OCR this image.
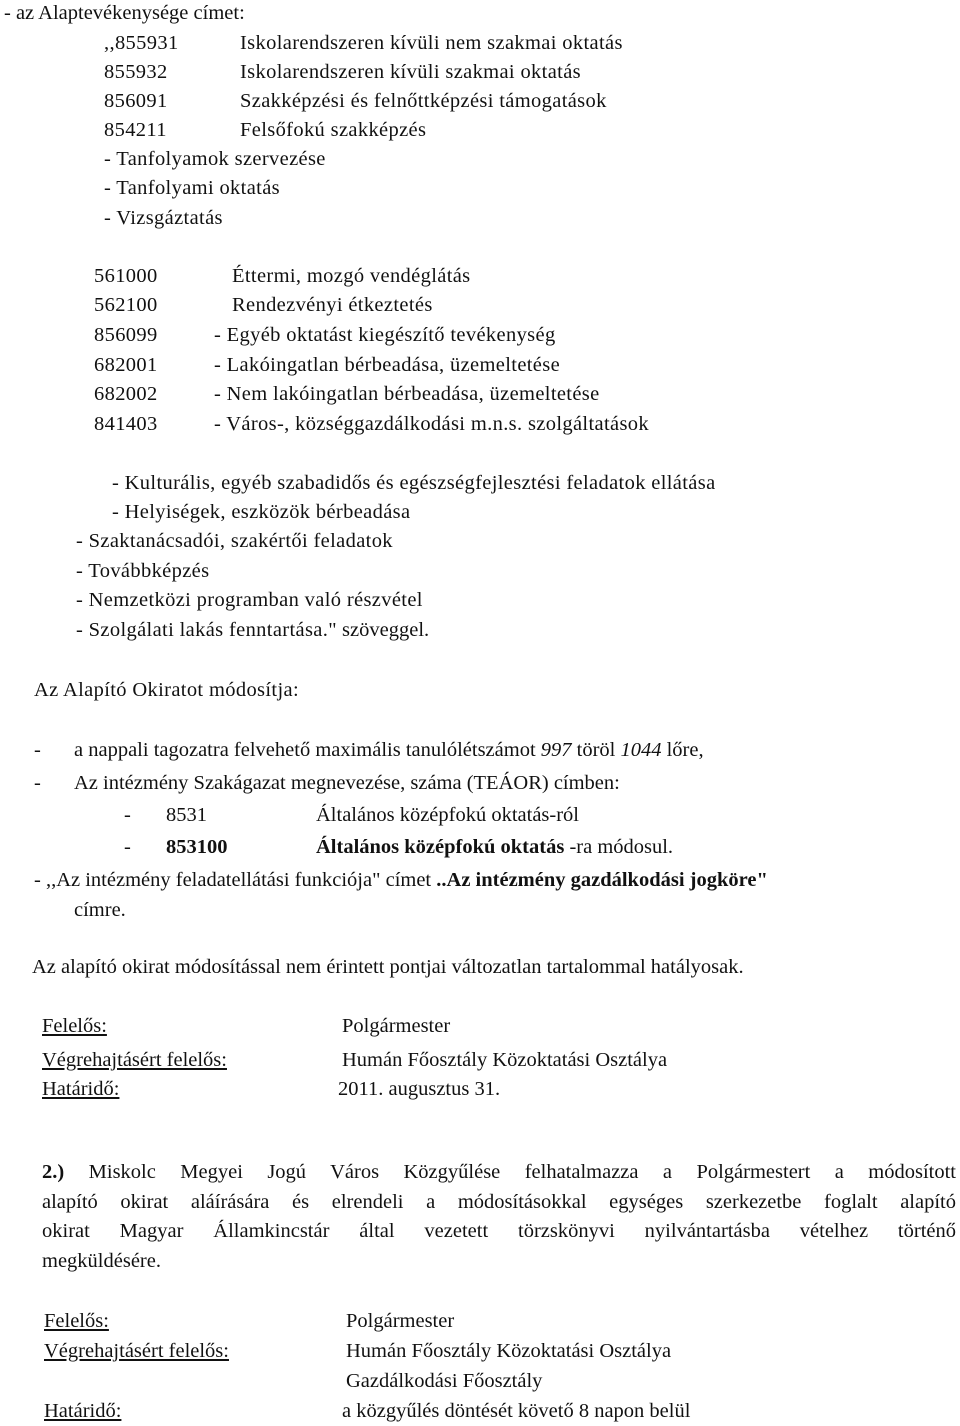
- az Alaptevékenysége címet:
,,855931	Iskolarendszeren kívüli nem szakmai oktatás
855932	Iskolarendszeren kívüli szakmai oktatás
856091	Szakképzési és felnőttképzési támogatások
854211	Felsőfokú szakképzés
- Tanfolyamok szervezése
- Tanfolyami oktatás
- Vizsgáztatás
561000	Éttermi, mozgó vendéglátás
562100	Rendezvényi étkeztetés
856099	- Egyéb oktatást kiegészítő tevékenység
682001	- Lakóingatlan bérbeadása, üzemeltetése
682002	- Nem lakóingatlan bérbeadása, üzemeltetése
841403	- Város-, községgazdálkodási m.n.s. szolgáltatások
- Kulturális, egyéb szabadidős és egészségfejlesztési feladatok ellátása
- Helyiségek, eszközök bérbeadása
- Szaktanácsadói, szakértői feladatok
- Továbbképzés
- Nemzetközi programban való részvétel
- Szolgálati lakás fenntartása." szöveggel.
Az Alapító Okiratot módosítja:
- a nappali tagozatra felvehető maximális tanulólétszámot 997 töröl 1044 lőre,
- Az intézmény Szakágazat megnevezése, száma (TEÁOR) címben:
- 8531	Általános középfokú oktatás-ról
- 853100	Általános középfokú oktatás -ra módosul.
- ,,Az intézmény feladatellátási funkciója" címet ..Az intézmény gazdálkodási jogköre"
címre.
Az alapító okirat módosítással nem érintett pontjai változatlan tartalommal hatályosak.
Felelős:	Polgármester
Végrehajtásért felelős:	Humán Főosztály Közoktatási Osztálya
Határidő:	2011. augusztus 31.
2.) Miskolc Megyei Jogú Város Közgyűlése felhatalmazza a Polgármestert a módosított
alapító okirat aláírására és elrendeli a módosításokkal egységes szerkezetbe foglalt alapító
okirat Magyar Államkincstár által vezetett törzskönyvi nyilvántartásba vételhez történő
megküldésére.
Felelős:	Polgármester
Végrehajtásért felelős:	Humán Főosztály Közoktatási Osztálya
Gazdálkodási Főosztály
Határidő:	a közgyűlés döntését követő 8 napon belül
